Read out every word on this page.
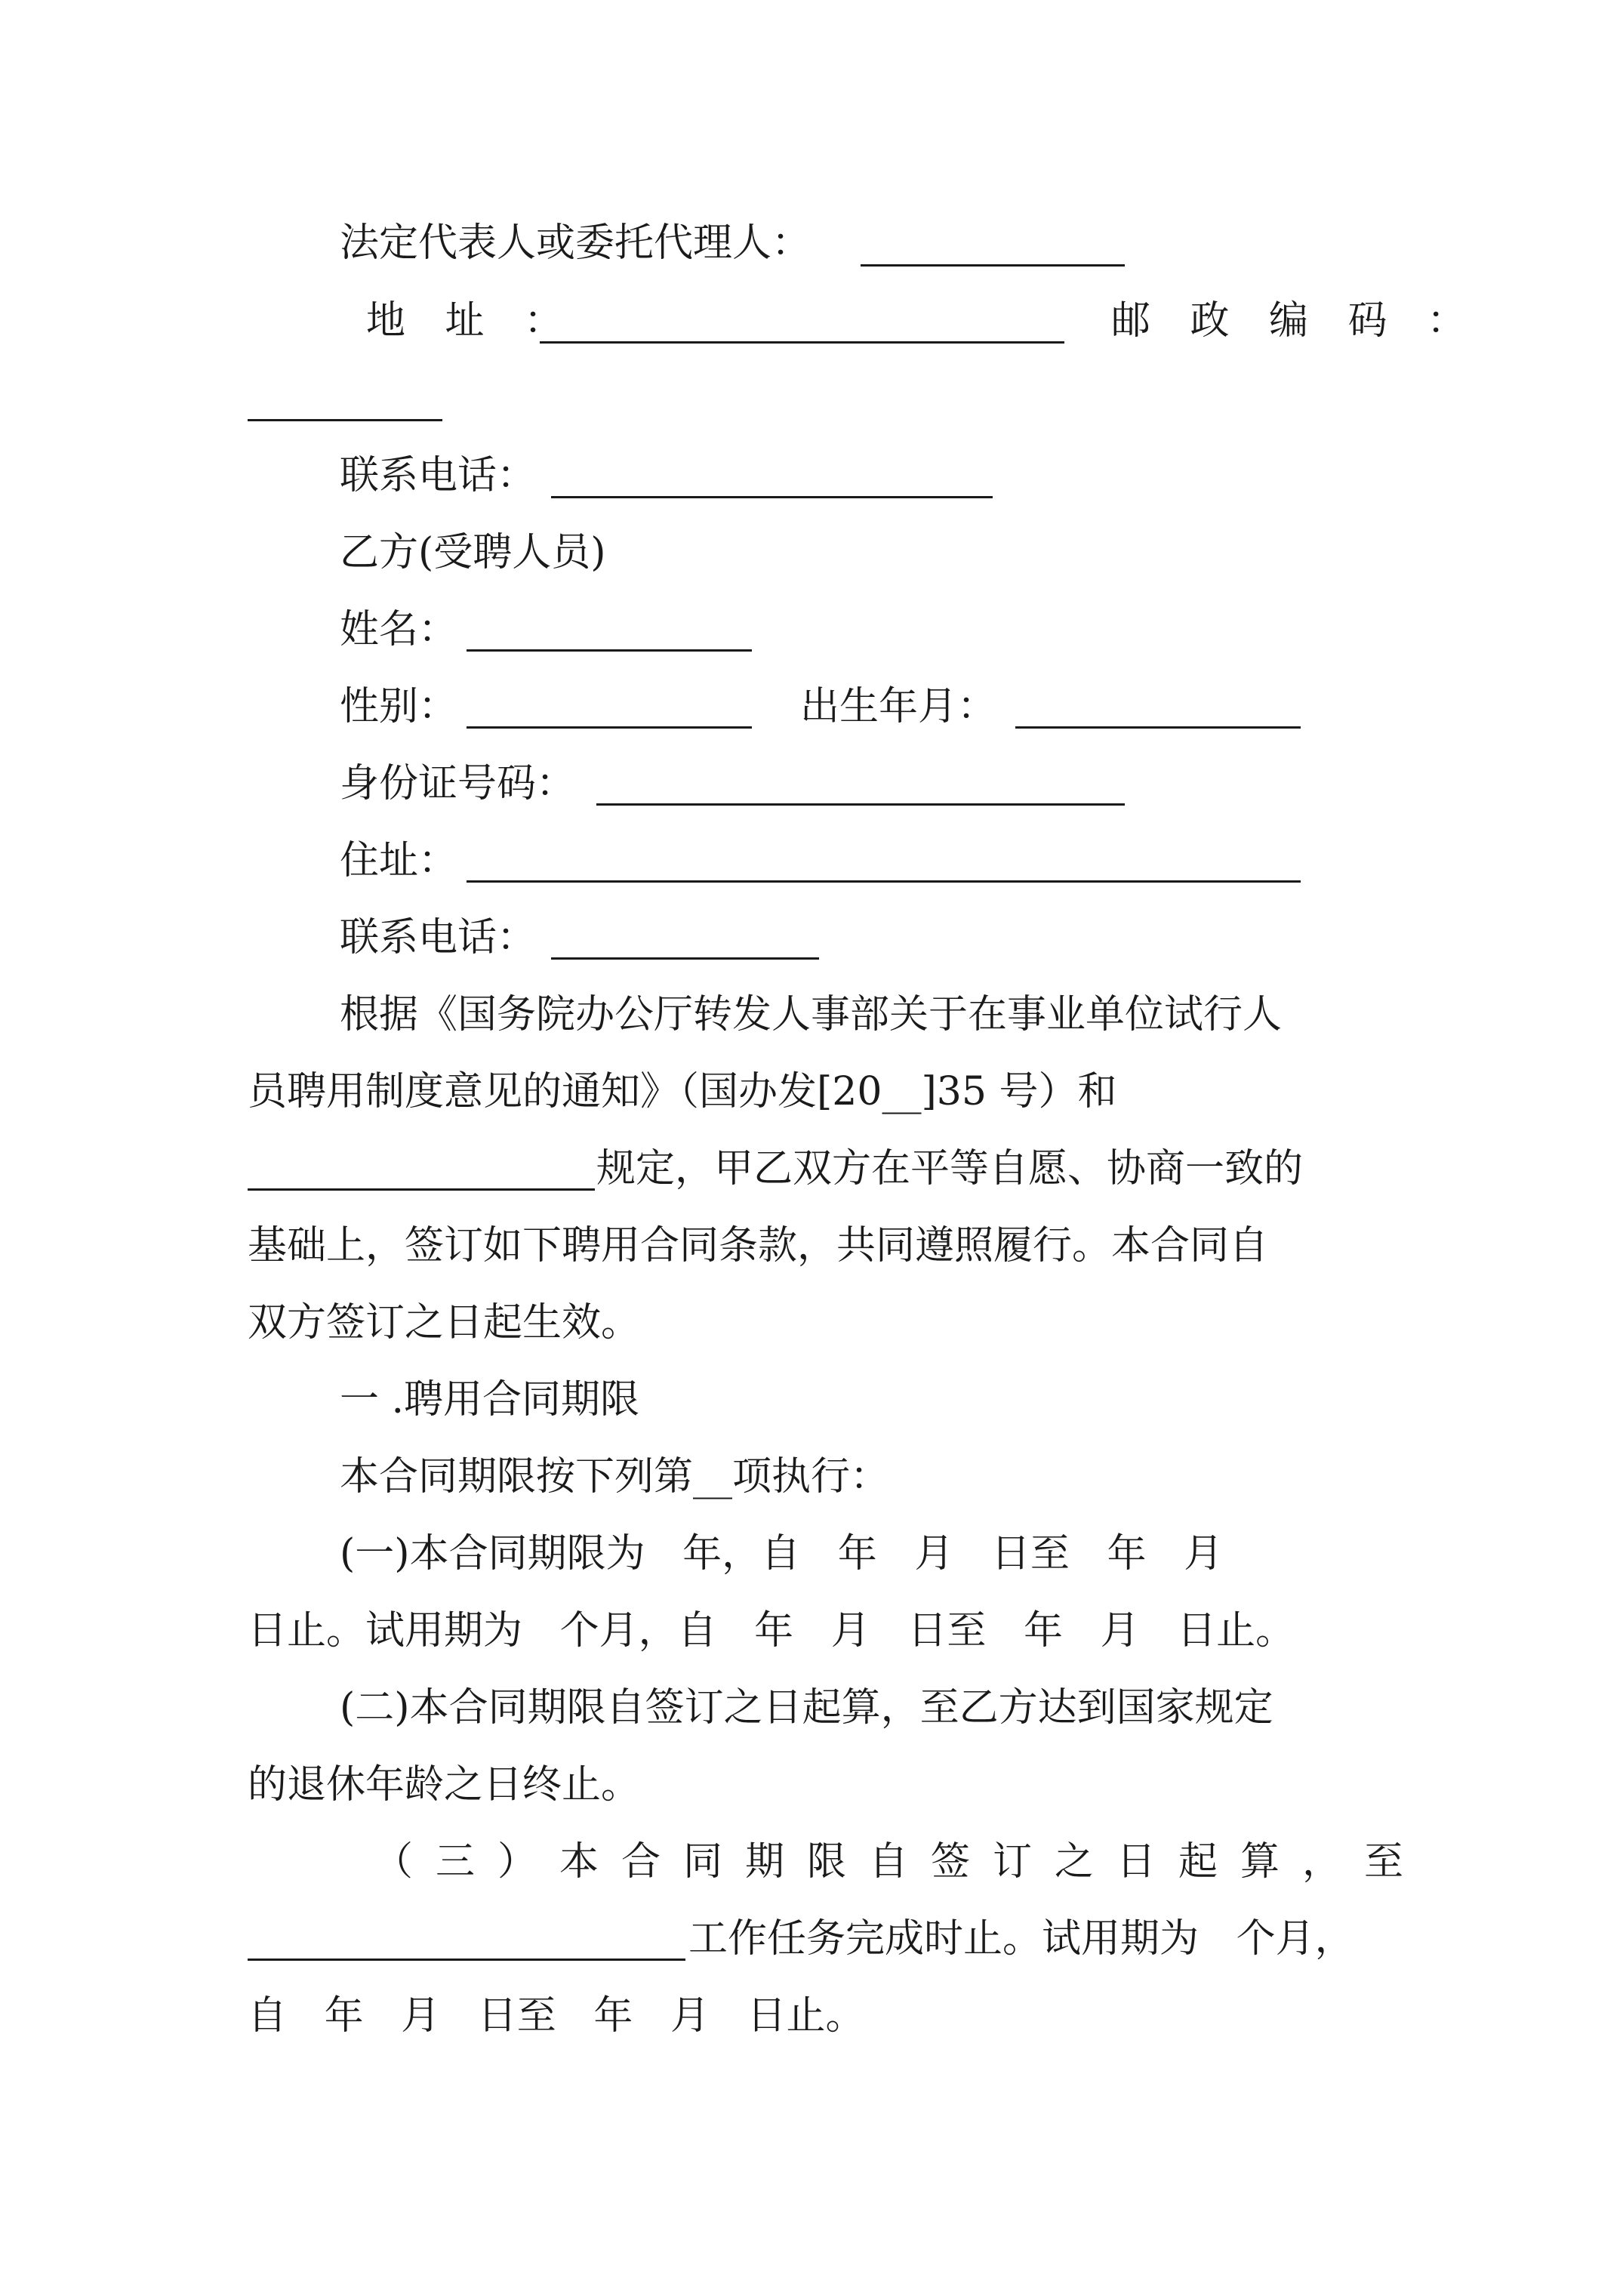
法定代表人或委托代理人：
地 址 ：	邮 政 编 码 ：
联系电话：
乙方(受聘人员)
姓名：
性别：	出生年月：
身份证号码：
住址：
联系电话：
根据《国务院办公厅转发人事部关于在事业单位试行人
员聘用制度意见的通知》（国办发[20__]35 号）和
规定，甲乙双方在平等自愿、协商一致的
基础上，签订如下聘用合同条款，共同遵照履行。本合同自
双方签订之日起生效。
一 .聘用合同期限
本合同期限按下列第__项执行：
(一)本合同期限为   年，自   年   月   日至   年   月
日止。试用期为   个月，自   年   月   日至   年   月   日止。
(二)本合同期限自签订之日起算，至乙方达到国家规定
的退休年龄之日终止。
（三）本合同期限自签订之日起算，至
工作任务完成时止。试用期为   个月，
自   年   月   日至   年   月   日止。
